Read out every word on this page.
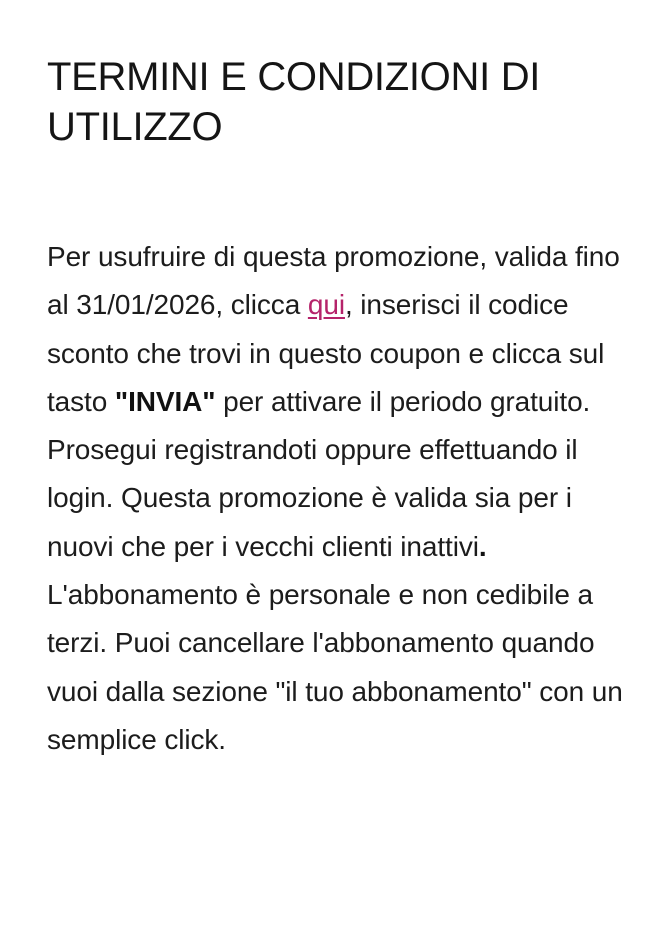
TERMINI E CONDIZIONI DI UTILIZZO

Per usufruire di questa promozione, valida fino al 31/01/2026, clicca qui, inserisci il codice sconto che trovi in questo coupon e clicca sul tasto "INVIA" per attivare il periodo gratuito. Prosegui registrandoti oppure effettuando il login. Questa promozione è valida sia per i nuovi che per i vecchi clienti inattivi. L'abbonamento è personale e non cedibile a terzi. Puoi cancellare l'abbonamento quando vuoi dalla sezione "il tuo abbonamento" con un semplice click.
